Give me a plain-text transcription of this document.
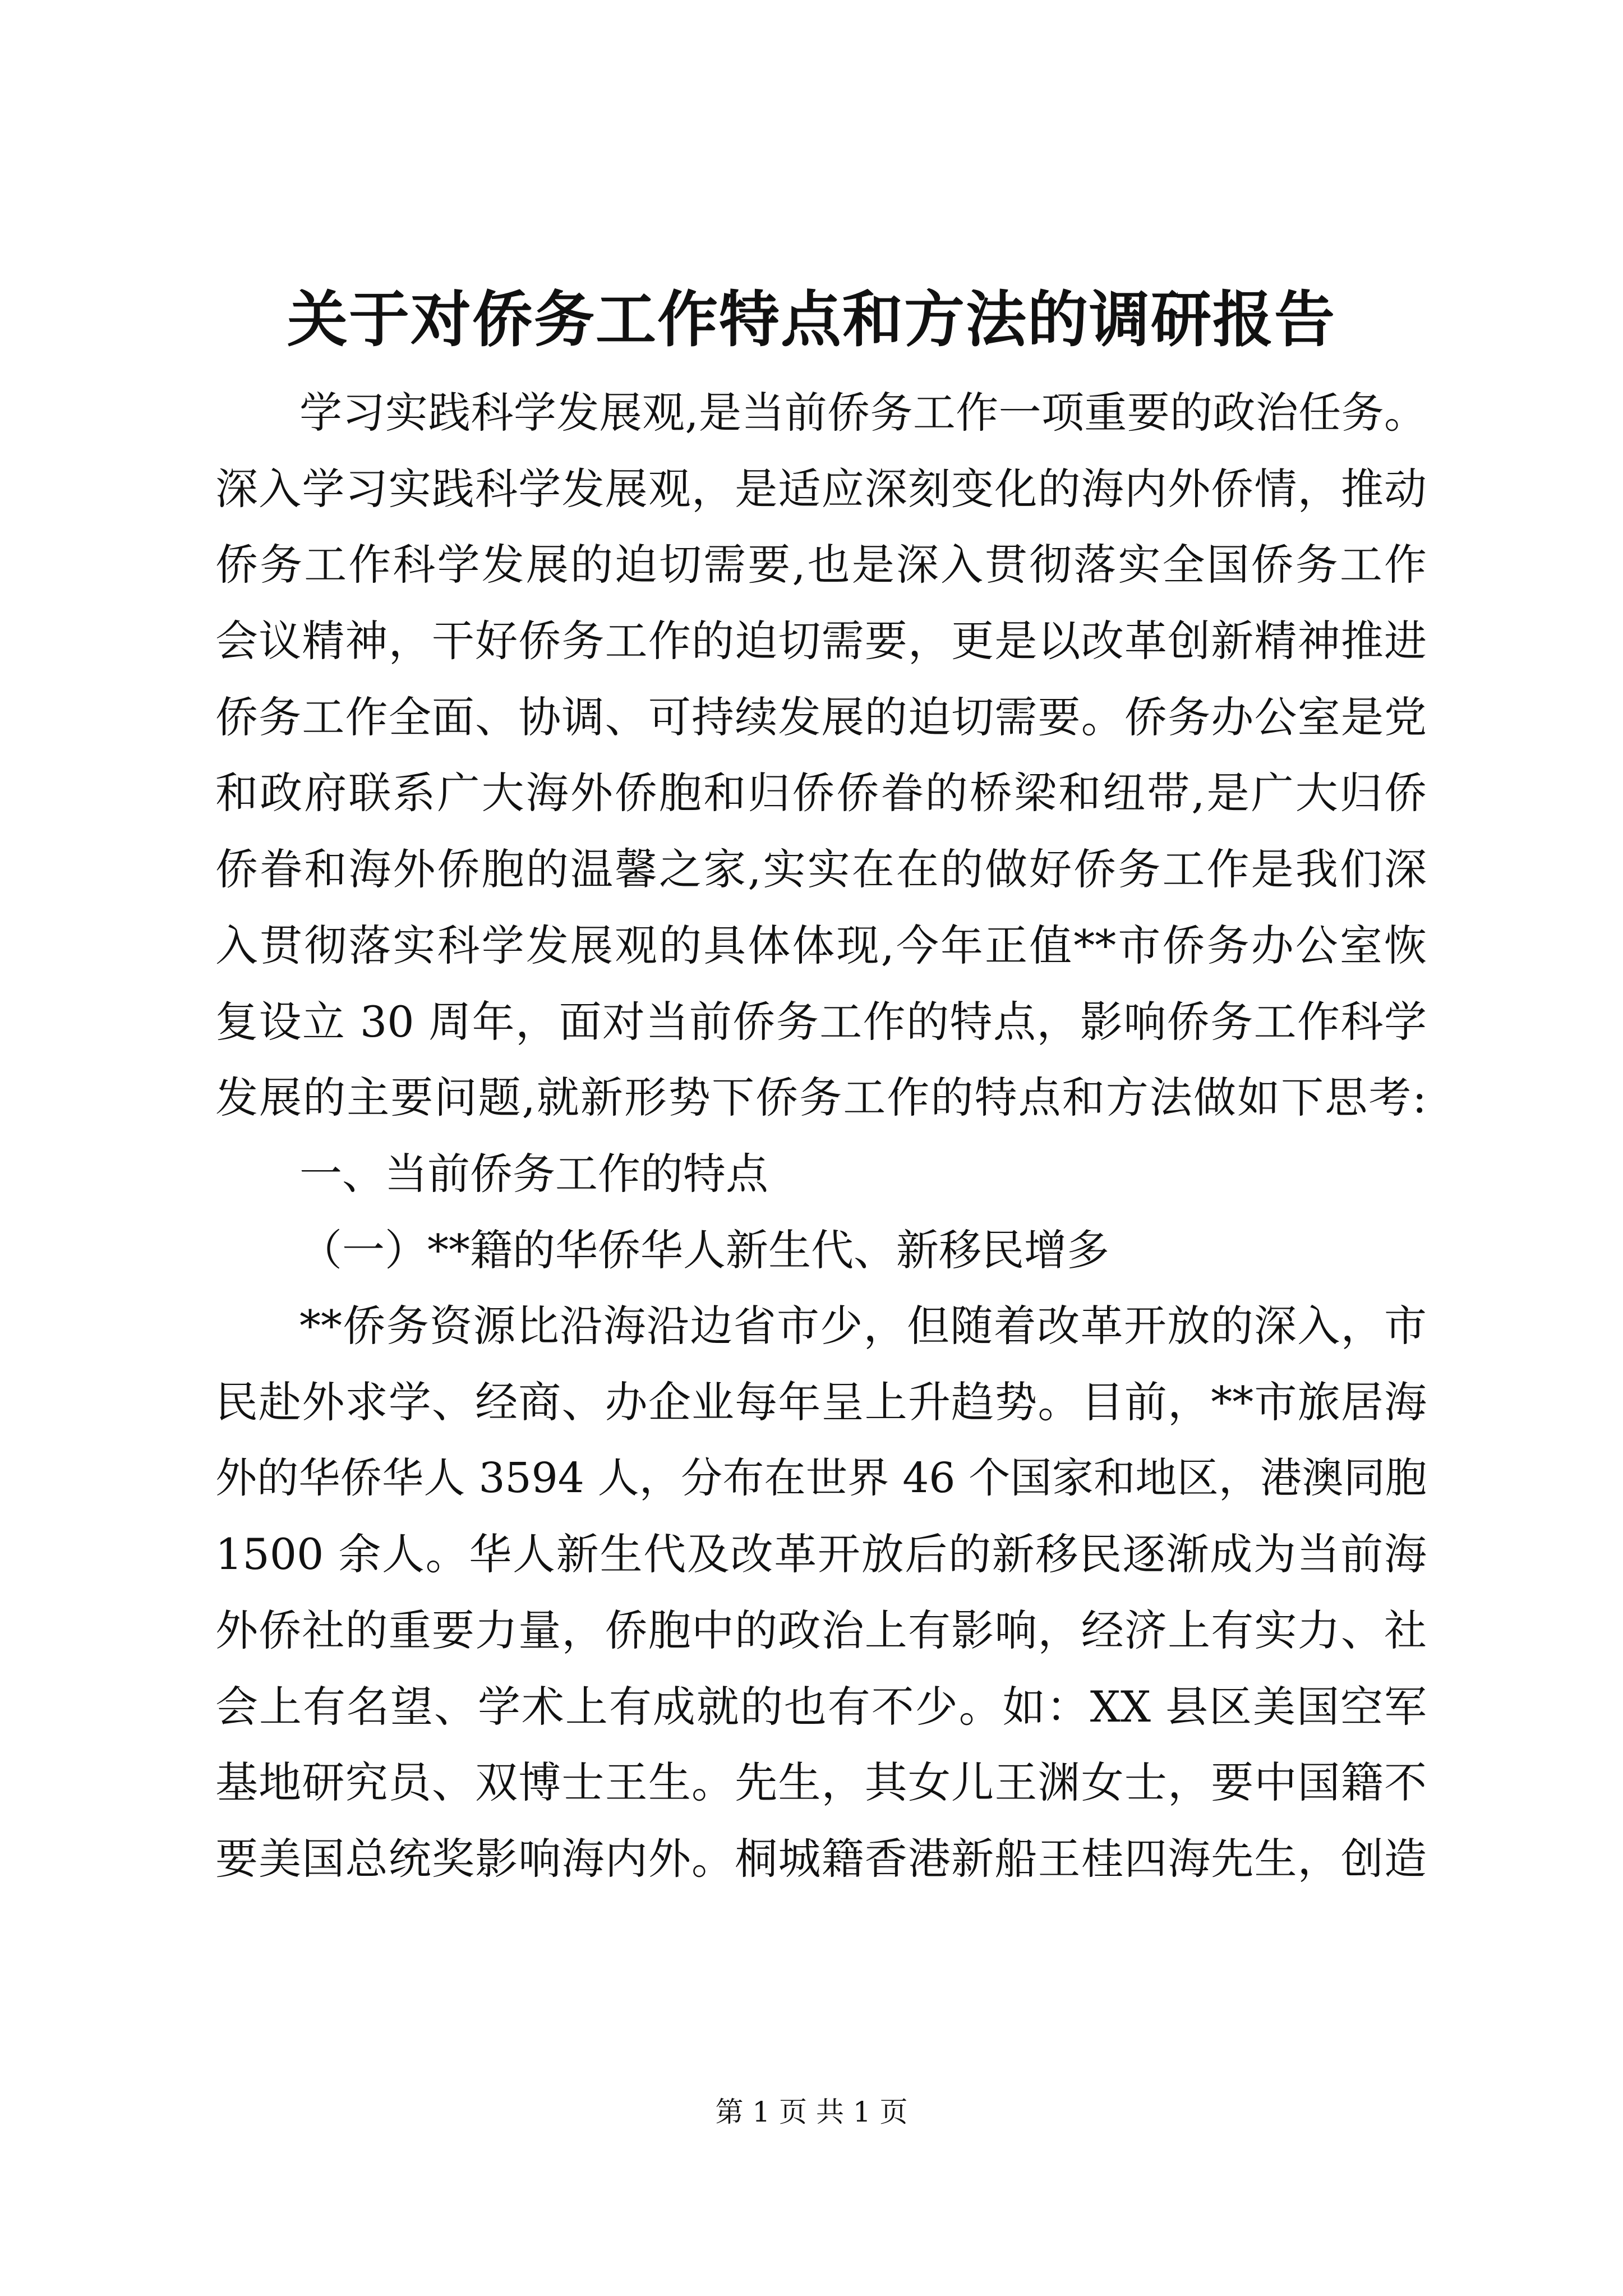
关于对侨务工作特点和方法的调研报告
学习实践科学发展观,是当前侨务工作一项重要的政治任务。
深入学习实践科学发展观，是适应深刻变化的海内外侨情，推动
侨务工作科学发展的迫切需要,也是深入贯彻落实全国侨务工作
会议精神，干好侨务工作的迫切需要，更是以改革创新精神推进
侨务工作全面、协调、可持续发展的迫切需要。侨务办公室是党
和政府联系广大海外侨胞和归侨侨眷的桥梁和纽带,是广大归侨
侨眷和海外侨胞的温馨之家,实实在在的做好侨务工作是我们深
入贯彻落实科学发展观的具体体现,今年正值**市侨务办公室恢
复设立 30 周年，面对当前侨务工作的特点，影响侨务工作科学
发展的主要问题,就新形势下侨务工作的特点和方法做如下思考:
一、当前侨务工作的特点
（一）**籍的华侨华人新生代、新移民增多
**侨务资源比沿海沿边省市少，但随着改革开放的深入，市
民赴外求学、经商、办企业每年呈上升趋势。目前，**市旅居海
外的华侨华人 3594 人，分布在世界 46 个国家和地区，港澳同胞
1500 余人。华人新生代及改革开放后的新移民逐渐成为当前海
外侨社的重要力量，侨胞中的政治上有影响，经济上有实力、社
会上有名望、学术上有成就的也有不少。如：XX 县区美国空军
基地研究员、双博士王生。先生，其女儿王渊女士，要中国籍不
要美国总统奖影响海内外。桐城籍香港新船王桂四海先生，创造
第 1 页 共 1 页
